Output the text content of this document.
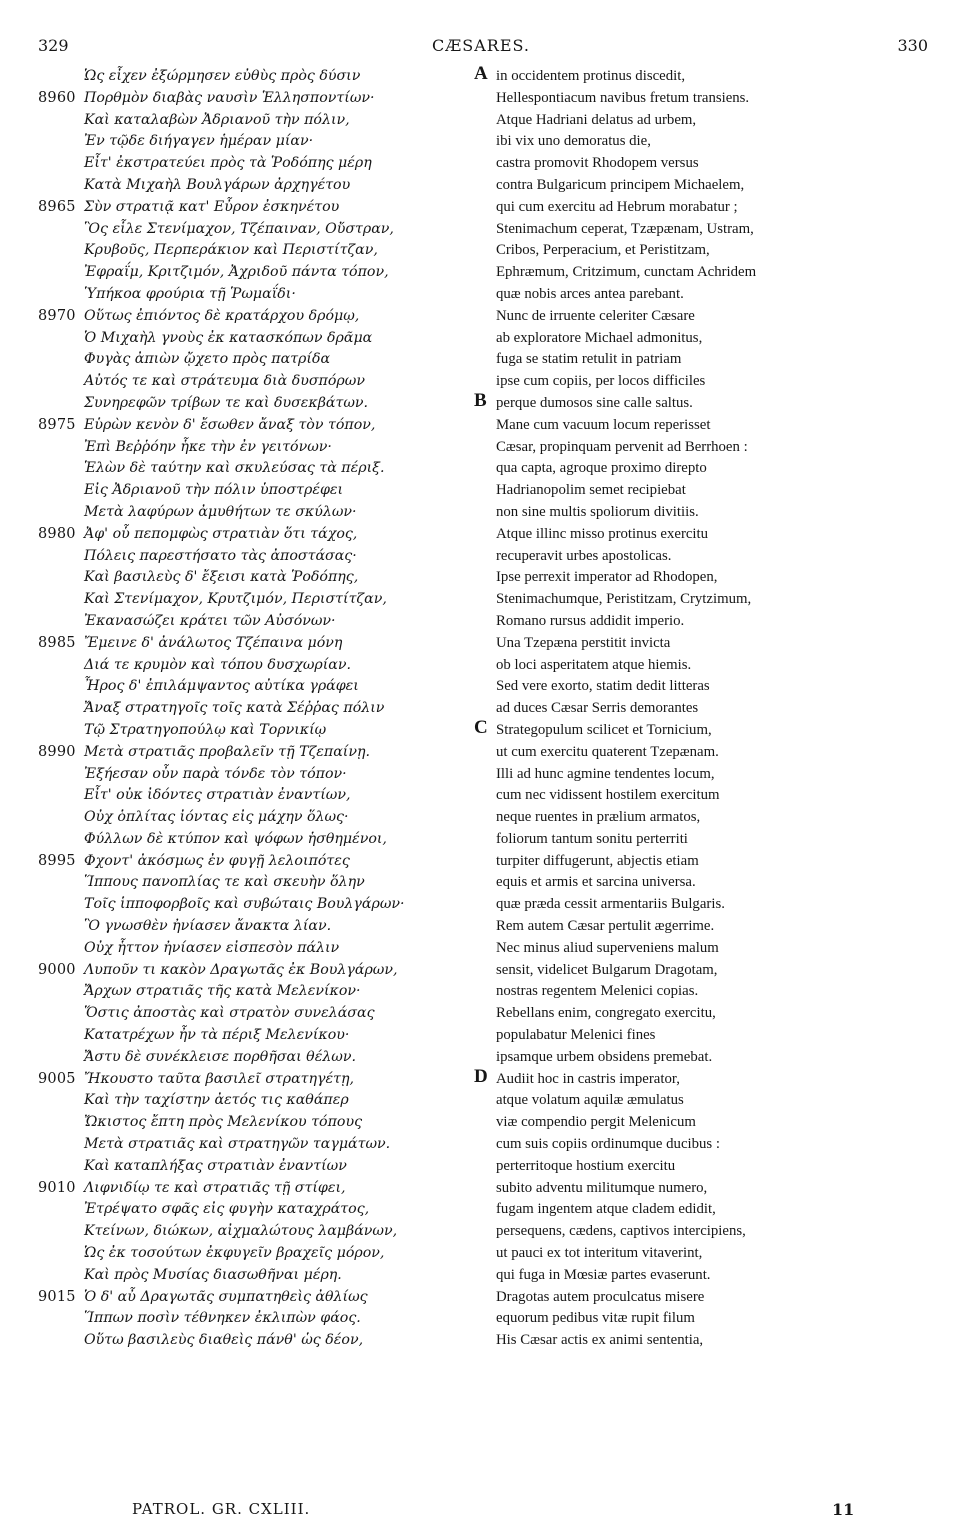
329	CÆSARES.	330
Ὡς εἶχεν ἐξώρμησεν εὐθὺς πρὸς δύσιν
8960 Πορθμὸν διαβὰς ναυσὶν Ἑλλησποντίων·
Καὶ καταλαβὼν Ἀδριανοῦ τὴν πόλιν,
Ἐν τῷδε διήγαγεν ἡμέραν μίαν·
Εἶτ' ἐκστρατεύει πρὸς τὰ Ῥοδόπης μέρη
Κατὰ Μιχαὴλ Βουλγάρων ἀρχηγέτου
8965 Σὺν στρατιᾷ κατ' Εὖρον ἐσκηνέτου
Ὃς εἷλε Στενίμαχον, Τζέπαιναν, Οὔστραν,
Κρυβοῦς, Περπεράκιον καὶ Περιστίτζαν,
Ἐφραΐμ, Κριτζιμόν, Ἀχριδοῦ πάντα τόπον,
Ὑπήκοα φρούρια τῇ Ῥωμαΐδι·
8970 Οὕτως ἐπιόντος δὲ κρατάρχου δρόμῳ,
Ὁ Μιχαὴλ γνοὺς ἐκ κατασκόπων δρᾶμα
Φυγὰς ἀπιὼν ᾤχετο πρὸς πατρίδα
Αὐτός τε καὶ στράτευμα διὰ δυσπόρων
Συνηρεφῶν τρίβων τε καὶ δυσεκβάτων.
8975 Εὑρὼν κενὸν δ' ἔσωθεν ἄναξ τὸν τόπον,
Ἐπὶ Βεῤῥόην ἧκε τὴν ἐν γειτόνων·
Ἑλὼν δὲ ταύτην καὶ σκυλεύσας τὰ πέριξ.
Εἰς Ἀδριανοῦ τὴν πόλιν ὑποστρέφει
Μετὰ λαφύρων ἀμυθήτων τε σκύλων·
8980 Ἀφ' οὗ πεπομφὼς στρατιὰν ὅτι τάχος,
Πόλεις παρεστήσατο τὰς ἀποστάσας·
Καὶ βασιλεὺς δ' ἔξεισι κατὰ Ῥοδόπης,
Καὶ Στενίμαχον, Κρυτζιμόν, Περιστίτζαν,
Ἐκανασώζει κράτει τῶν Αὐσόνων·
8985 Ἔμεινε δ' ἀνάλωτος Τζέπαινα μόνη
Διά τε κρυμὸν καὶ τόπου δυσχωρίαν.
Ἦρος δ' ἐπιλάμψαντος αὐτίκα γράφει
Ἄναξ στρατηγοῖς τοῖς κατὰ Σέῤῥας πόλιν
Τῷ Στρατηγοπούλῳ καὶ Τορνικίῳ
8990 Μετὰ στρατιᾶς προβαλεῖν τῇ Τζεπαίνῃ.
Ἐξήεσαν οὖν παρὰ τόνδε τὸν τόπον·
Εἶτ' οὐκ ἰδόντες στρατιὰν ἐναντίων,
Οὐχ ὁπλίτας ἰόντας εἰς μάχην ὅλως·
Φύλλων δὲ κτύπον καὶ ψόφων ἡσθημένοι,
8995 Φχοντ' ἀκόσμως ἐν φυγῇ λελοιπότες
Ἵππους πανοπλίας τε καὶ σκευὴν ὅλην
Τοῖς ἱπποφορβοῖς καὶ συβώταις Βουλγάρων·
Ὃ γνωσθὲν ἠνίασεν ἄνακτα λίαν.
Οὐχ ἧττον ἠνίασεν εἰσπεσὸν πάλιν
9000 Λυποῦν τι κακὸν Δραγωτᾶς ἐκ Βουλγάρων,
Ἄρχων στρατιᾶς τῆς κατὰ Μελενίκον·
Ὅστις ἀποστὰς καὶ στρατὸν συνελάσας
Κατατρέχων ἦν τὰ πέριξ Μελενίκου·
Ἄστυ δὲ συνέκλεισε πορθῆσαι θέλων.
9005 Ἤκουστο ταῦτα βασιλεῖ στρατηγέτῃ,
Καὶ τὴν ταχίστην ἀετός τις καθάπερ
Ὤκιστος ἔπτη πρὸς Μελενίκου τόπους
Μετὰ στρατιᾶς καὶ στρατηγῶν ταγμάτων.
Καὶ καταπλήξας στρατιὰν ἐναντίων
9010 Λιφνιδίῳ τε καὶ στρατιᾶς τῇ στίφει,
Ἐτρέψατο σφᾶς εἰς φυγὴν καταχράτος,
Κτείνων, διώκων, αἰχμαλώτους λαμβάνων,
Ὡς ἐκ τοσούτων ἐκφυγεῖν βραχεῖς μόρον,
Καὶ πρὸς Μυσίας διασωθῆναι μέρη.
9015 Ὁ δ' αὖ Δραγωτᾶς συμπατηθεὶς ἀθλίως
Ἵππων ποσὶν τέθνηκεν ἐκλιπὼν φάος.
Οὕτω βασιλεὺς διαθεὶς πάνθ' ὡς δέον,
A in occidentem protinus discedit,
Hellespontiacum navibus fretum transiens.
Atque Hadriani delatus ad urbem,
ibi vix uno demoratus die,
castra promovit Rhodopem versus
contra Bulgaricum principem Michaelem,
qui cum exercitu ad Hebrum morabatur ;
Stenimachum ceperat, Tzæpænam, Ustram,
Cribos, Perperacium, et Peristitzam,
Ephræmum, Critzimum, cunctam Achridem
quæ nobis arces antea parebant.
Nunc de irruente celeriter Cæsare
ab exploratore Michael admonitus,
fuga se statim retulit in patriam
ipse cum copiis, per locos difficiles
B perque dumosos sine calle saltus.
Mane cum vacuum locum reperisset
Cæsar, propinquam pervenit ad Berrhoen :
qua capta, agroque proximo direpto
Hadrianopolim semet recipiebat
non sine multis spoliorum divitiis.
Atque illinc misso protinus exercitu
recuperavit urbes apostolicas.
Ipse perrexit imperator ad Rhodopen,
Stenimachumque, Peristitzam, Crytzimum,
Romano rursus addidit imperio.
Una Tzepæna perstitit invicta
ob loci asperitatem atque hiemis.
Sed vere exorto, statim dedit litteras
ad duces Cæsar Serris demorantes
C Strategopulum scilicet et Tornicium,
ut cum exercitu quaterent Tzepænam.
Illi ad hunc agmine tendentes locum,
cum nec vidissent hostilem exercitum
neque ruentes in prælium armatos,
foliorum tantum sonitu perterriti
turpiter diffugerunt, abjectis etiam
equis et armis et sarcina universa.
quæ præda cessit armentariis Bulgaris.
Rem autem Cæsar pertulit ægerrime.
Nec minus aliud superveniens malum
sensit, videlicet Bulgarum Dragotam,
nostras regentem Melenici copias.
Rebellans enim, congregato exercitu,
populabatur Melenici fines
ipsamque urbem obsidens premebat.
D Audiit hoc in castris imperator,
atque volatum aquilæ æmulatus
viæ compendio pergit Melenicum
cum suis copiis ordinumque ducibus :
perterritoque hostium exercitu
subito adventu militumque numero,
fugam ingentem atque cladem edidit,
persequens, cædens, captivos intercipiens,
ut pauci ex tot interitum vitaverint,
qui fuga in Mœsiæ partes evaserunt.
Dragotas autem proculcatus misere
equorum pedibus vitæ rupit filum
His Cæsar actis ex animi sententia,
PATROL. GR. CXLIII.	11
